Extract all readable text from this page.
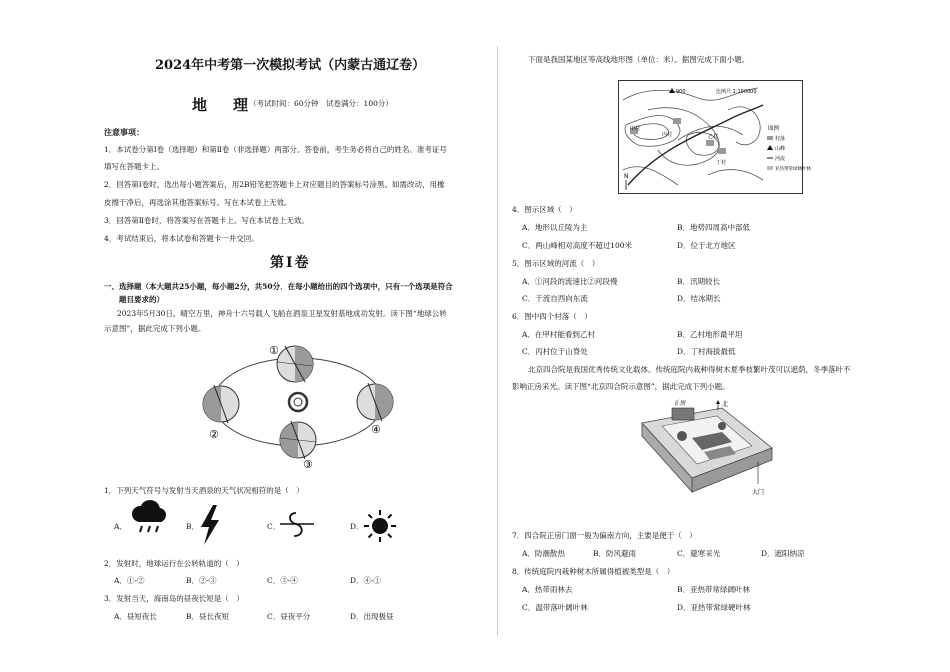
2024年中考第一次模拟考试（内蒙古通辽卷）
地理
（考试时间：60分钟　试卷满分：100分）
注意事项：
1．本试卷分第Ⅰ卷（选择题）和第Ⅱ卷（非选择题）两部分。答卷前，考生务必将自己的姓名、准考证号
填写在答题卡上。
2．回答第Ⅰ卷时，选出每小题答案后，用2B铅笔把答题卡上对应题目的答案标号涂黑。如需改动，用橡
皮擦干净后，再选涂其他答案标号。写在本试卷上无效。
3．回答第Ⅱ卷时，将答案写在答题卡上。写在本试卷上无效。
4．考试结束后，将本试卷和答题卡一并交回。
第Ⅰ卷
一、选择题（本大题共25小题，每小题2分，共50分．在每小题给出的四个选项中，只有一个选项是符合
题目要求的）
2023年5月30日，晴空万里，神舟十六号载人飞船在酒泉卫星发射基地成功发射。读下图“地球公转
示意图”，据此完成下列小题。
①
②
③
④
1．下列天气符号与发射当天酒泉的天气状况相符的是（　）
A．	B．	C．	D．
2．发射时，地球运行在公转轨道的（　）
A．①-②	B．②-③	C．③-④	D．④-①
3．发射当天，海南岛的昼夜长短是（　）
A．昼短夜长	B．昼长夜短	C．昼夜平分	D．出现极昼
下面是我国某地区等高线地形图（单位：米）。据图完成下面小题。
900	比例尺 1:100000
甲村
乙村
丙村
丁村
N
图例
村落
山峰
河流
亚热带常绿阔叶林
4．图示区域（　）
A．地形以丘陵为主	B．地势四周高中部低
C．两山峰相对高度不超过100米	D．位于北方地区
5．图示区域的河流（　）
A．①河段的流速比②河段慢	B．汛期较长
C．干流自西向东流	D．结冰期长
6．图中四个村落（　）
A．在甲村能看到乙村	B．乙村地形最平坦
C．丙村位于山脊处	D．丁村海拔最低
北京四合院是我国优秀传统文化载体。传统庭院内栽种得树木夏季枝繁叶茂可以遮荫，冬季落叶不
影响正房采光。读下图“北京四合院示意图”，据此完成下列小题。
正房	北
大门
7．四合院正房门窗一般为偏南方向，主要是便于（　）
A．防潮散热	B．防风避雨	C．避寒采光	D．遮阳纳凉
8．传统庭院内栽种树木所属得植被类型是（　）
A．热带雨林去	B．亚热带常绿阔叶林
C．温带落叶阔叶林	D．亚热带常绿硬叶林
